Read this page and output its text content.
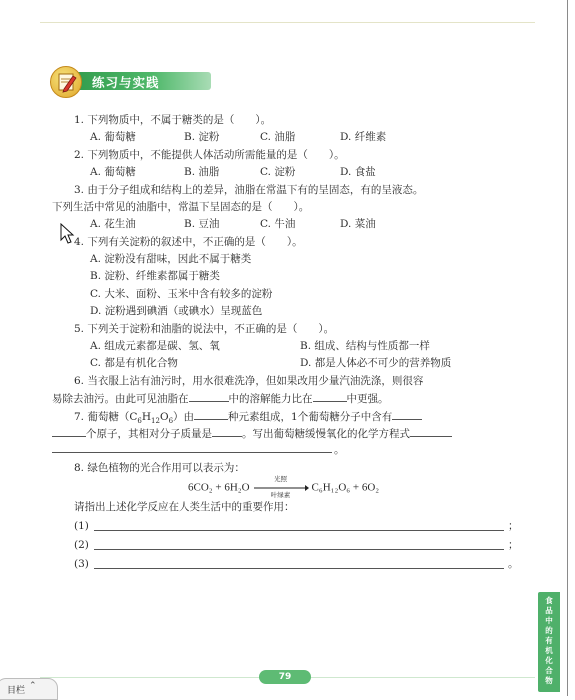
练习与实践
1. 下列物质中，不属于糖类的是（　　）。
A. 葡萄糖	B. 淀粉	C. 油脂	D. 纤维素
2. 下列物质中，不能提供人体活动所需能量的是（　　）。
A. 葡萄糖	B. 油脂	C. 淀粉	D. 食盐
3. 由于分子组成和结构上的差异，油脂在常温下有的呈固态，有的呈液态。
下列生活中常见的油脂中，常温下呈固态的是（　　）。
A. 花生油	B. 豆油	C. 牛油	D. 菜油
4. 下列有关淀粉的叙述中，不正确的是（　　）。
A. 淀粉没有甜味，因此不属于糖类
B. 淀粉、纤维素都属于糖类
C. 大米、面粉、玉米中含有较多的淀粉
D. 淀粉遇到碘酒（或碘水）呈现蓝色
5. 下列关于淀粉和油脂的说法中，不正确的是（　　）。
A. 组成元素都是碳、氢、氧	B. 组成、结构与性质都一样
C. 都是有机化合物	D. 都是人体必不可少的营养物质
6. 当衣服上沾有油污时，用水很难洗净，但如果改用少量汽油洗涤，则很容
易除去油污。由此可见油脂在	中的溶解能力比在	中更强。
7. 葡萄糖$(C_6H_{12}O_6)$由	种元素组成，1个葡萄糖分子中含有
个原子，其相对分子质量是	。写出葡萄糖缓慢氧化的化学方程式
。
8. 绿色植物的光合作用可以表示为：
6CO₂ + 6H₂O
光照
叶绿素
C₆H₁₂O₆ + 6O₂
请指出上述化学反应在人类生活中的重要作用：
(1)	；
(2)	；
(3)	。
食品中的有机化合物
79
目栏 ⌃
